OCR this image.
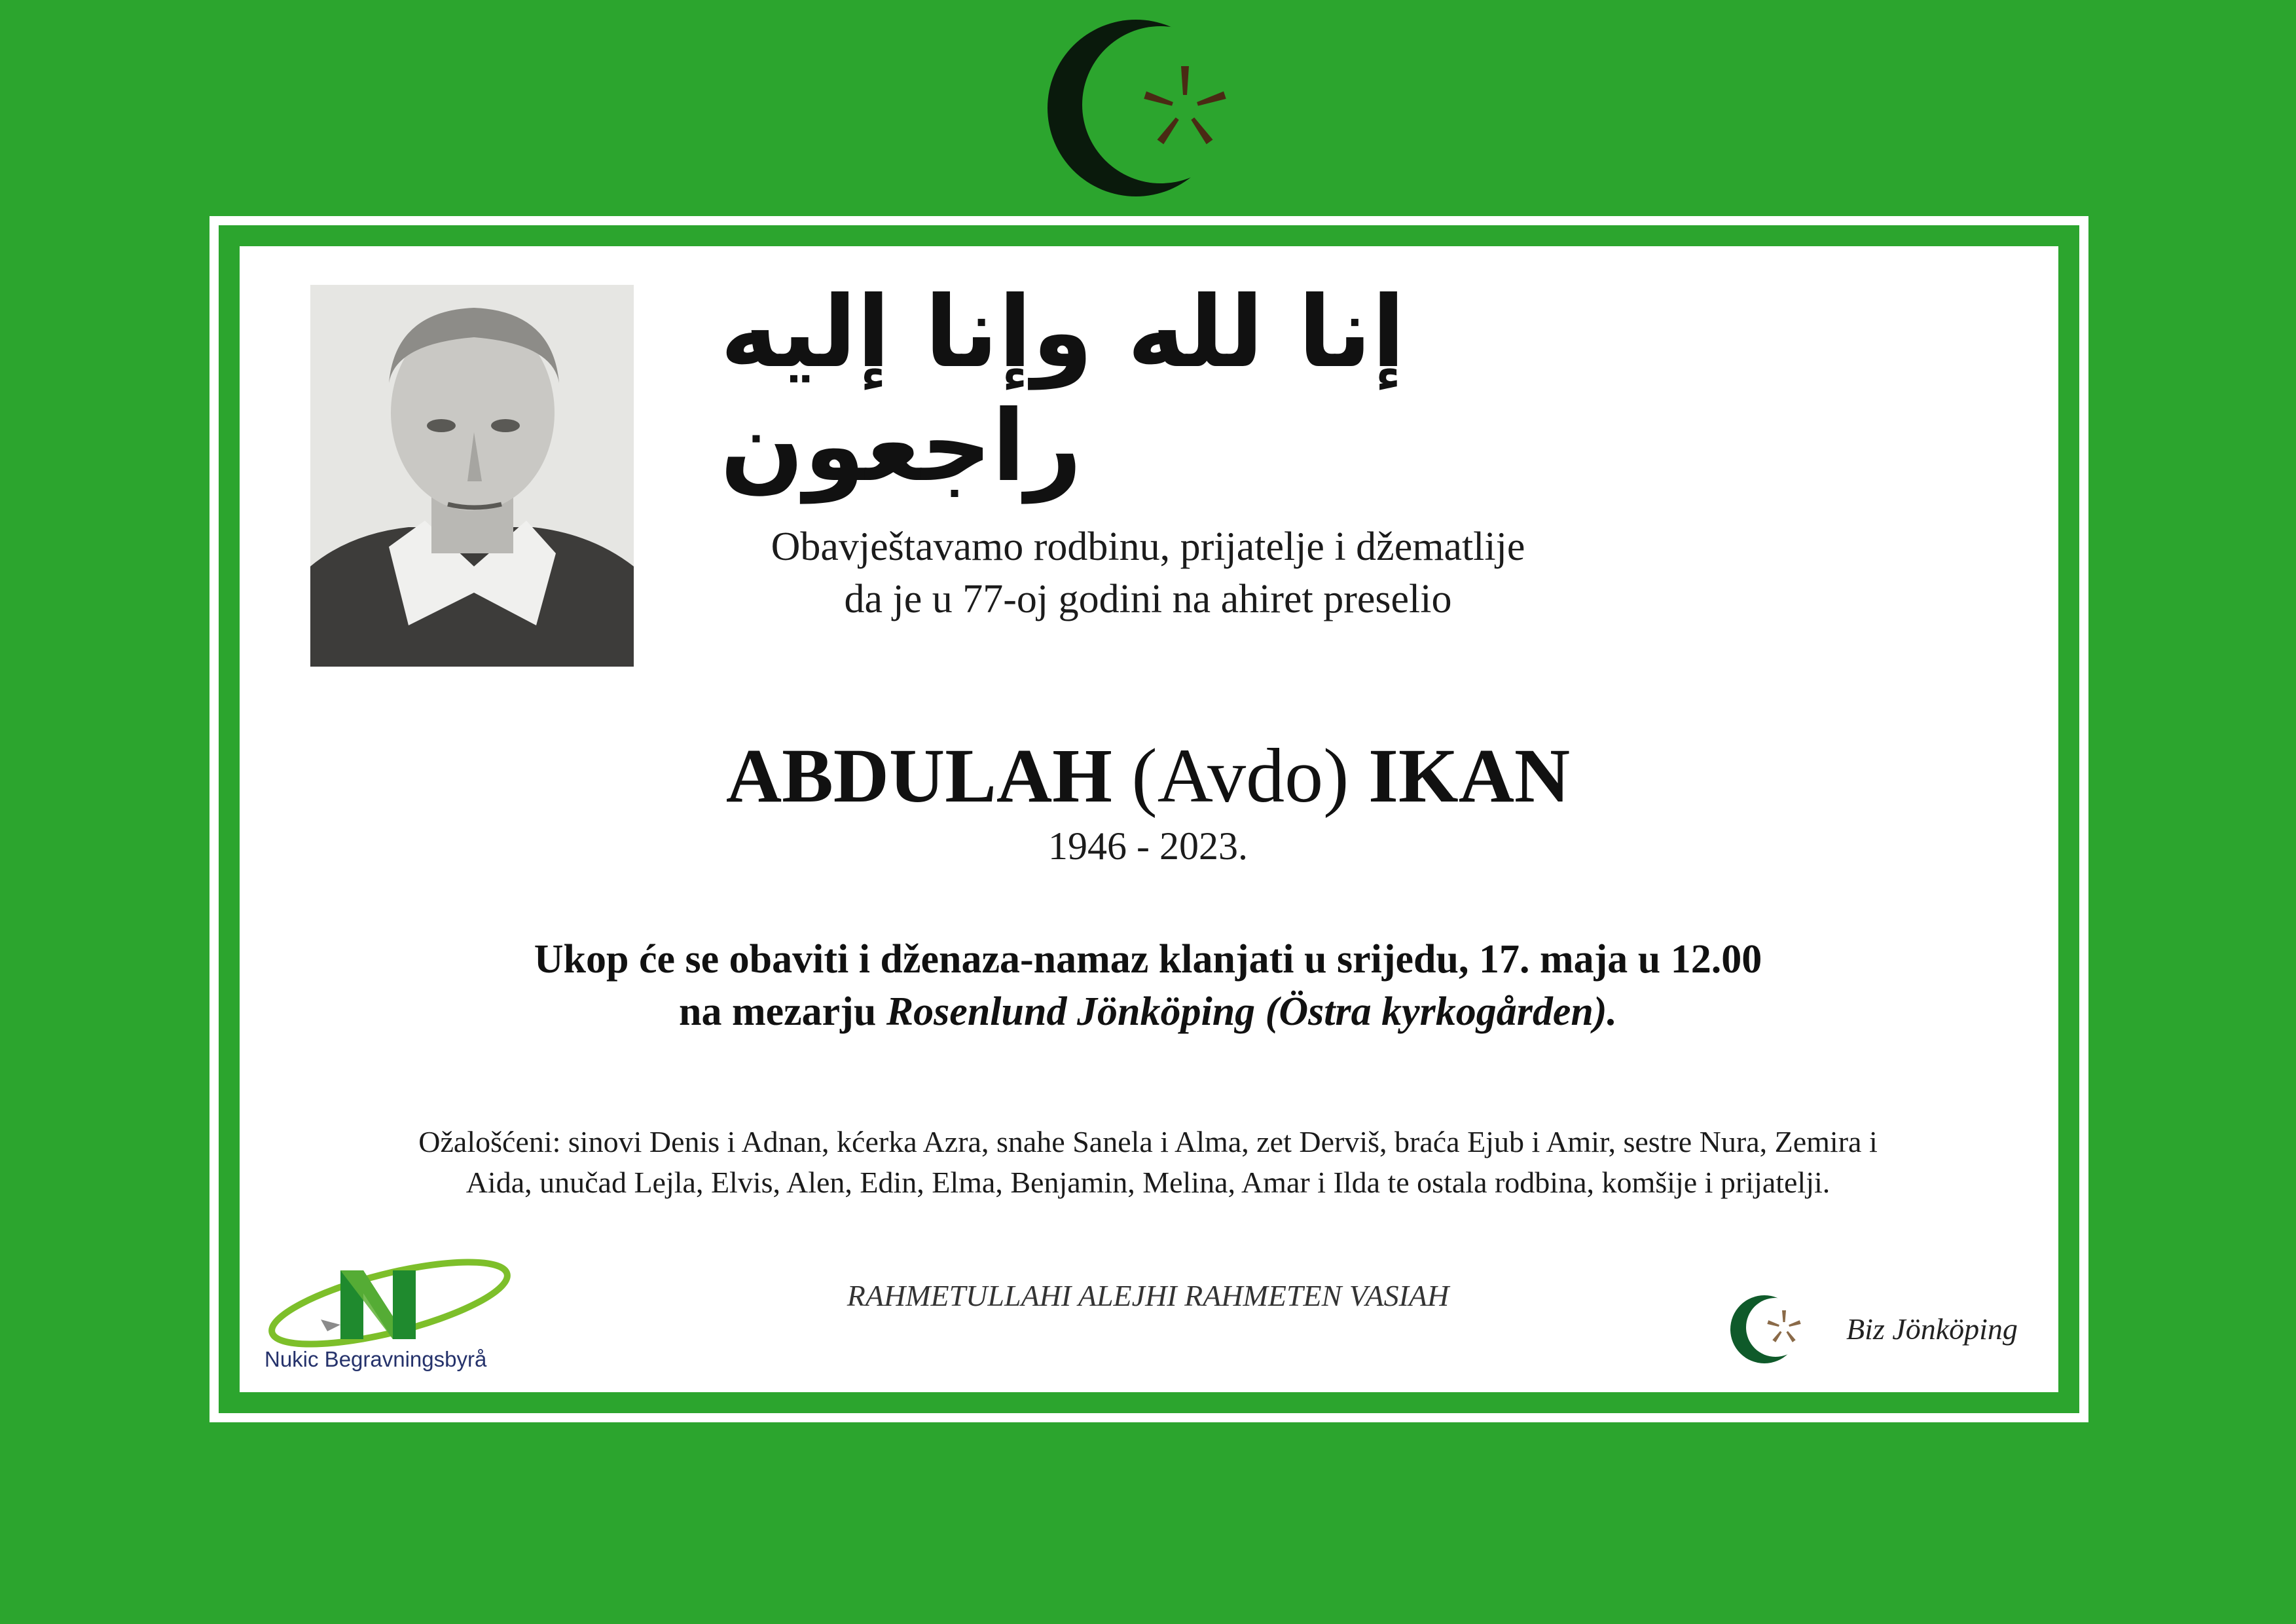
إنا لله وإنا إليه راجعون
Obavještavamo rodbinu, prijatelje i džematlije
da je u 77-oj godini na ahiret preselio
ABDULAH (Avdo) IKAN
1946 - 2023.
Ukop će se obaviti i dženaza-namaz klanjati u srijedu, 17. maja u 12.00
na mezarju Rosenlund Jönköping (Östra kyrkogården).
Ožalošćeni: sinovi Denis i Adnan, kćerka Azra, snahe Sanela i Alma, zet Derviš, braća Ejub i Amir, sestre Nura, Zemira i
Aida, unučad Lejla, Elvis, Alen, Edin, Elma, Benjamin, Melina, Amar i Ilda te ostala rodbina, komšije i prijatelji.
RAHMETULLAHI ALEJHI RAHMETEN VASIAH
Nukic Begravningsbyrå
Biz Jönköping
